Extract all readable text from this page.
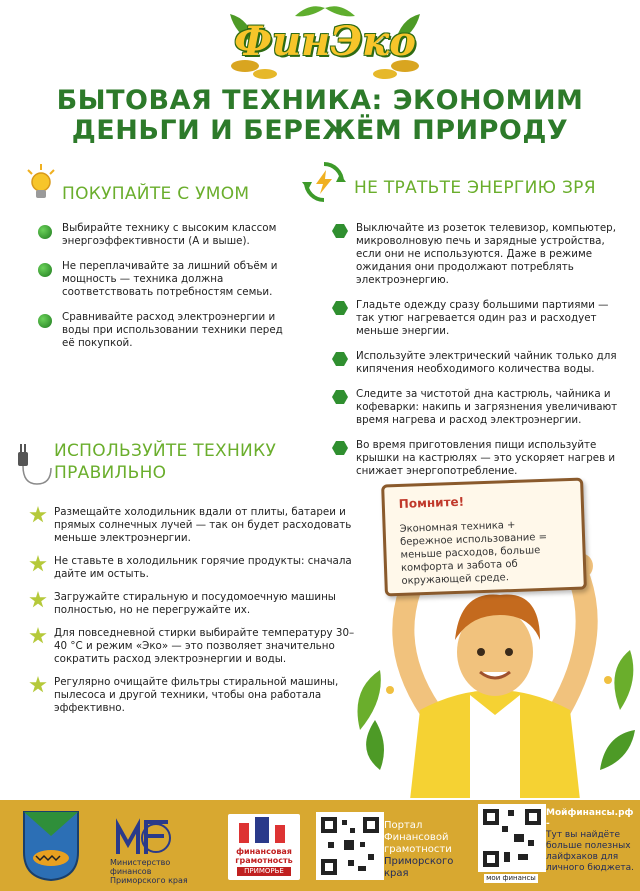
ФинЭко
БЫТОВАЯ ТЕХНИКА: ЭКОНОМИМ
ДЕНЬГИ И БЕРЕЖЁМ ПРИРОДУ
ПОКУПАЙТЕ С УМОМ
Выбирайте технику с высоким классом энергоэффективности (А и выше).
Не переплачивайте за лишний объём и мощность — техника должна соответствовать потребностям семьи.
Сравнивайте расход электроэнергии и воды при использовании техники перед её покупкой.
НЕ ТРАТЬТЕ ЭНЕРГИЮ ЗРЯ
Выключайте из розеток телевизор, компьютер, микроволновую печь и зарядные устройства, если они не используются. Даже в режиме ожидания они продолжают потреблять электроэнергию.
Гладьте одежду сразу большими партиями — так утюг нагревается один раз и расходует меньше энергии.
Используйте электрический чайник только для кипячения необходимого количества воды.
Следите за чистотой дна кастрюль, чайника и кофеварки: накипь и загрязнения увеличивают время нагрева и расход электроэнергии.
Во время приготовления пищи используйте крышки на кастрюлях — это ускоряет нагрев и снижает энергопотребление.
ИСПОЛЬЗУЙТЕ ТЕХНИКУ
ПРАВИЛЬНО
Размещайте холодильник вдали от плиты, батареи и прямых солнечных лучей — так он будет расходовать меньше электроэнергии.
Не ставьте в холодильник горячие продукты: сначала дайте им остыть.
Загружайте стиральную и посудомоечную машины полностью, но не перегружайте их.
Для повседневной стирки выбирайте температуру 30–40 °С и режим «Эко» — это позволяет значительно сократить расход электроэнергии и воды.
Регулярно очищайте фильтры стиральной машины, пылесоса и другой техники, чтобы она работала эффективно.
Помните!
Экономная техника + бережное использование = меньше расходов, больше комфорта и забота об окружающей среде.
Министерство финансов Приморского края
финансовая грамотность
ПРИМОРЬЕ
Портал
Финансовой
грамотности
Приморского края	мои финансы
Мойфинансы.рф -
Тут вы найдёте больше полезных лайфхаков для личного бюджета.
